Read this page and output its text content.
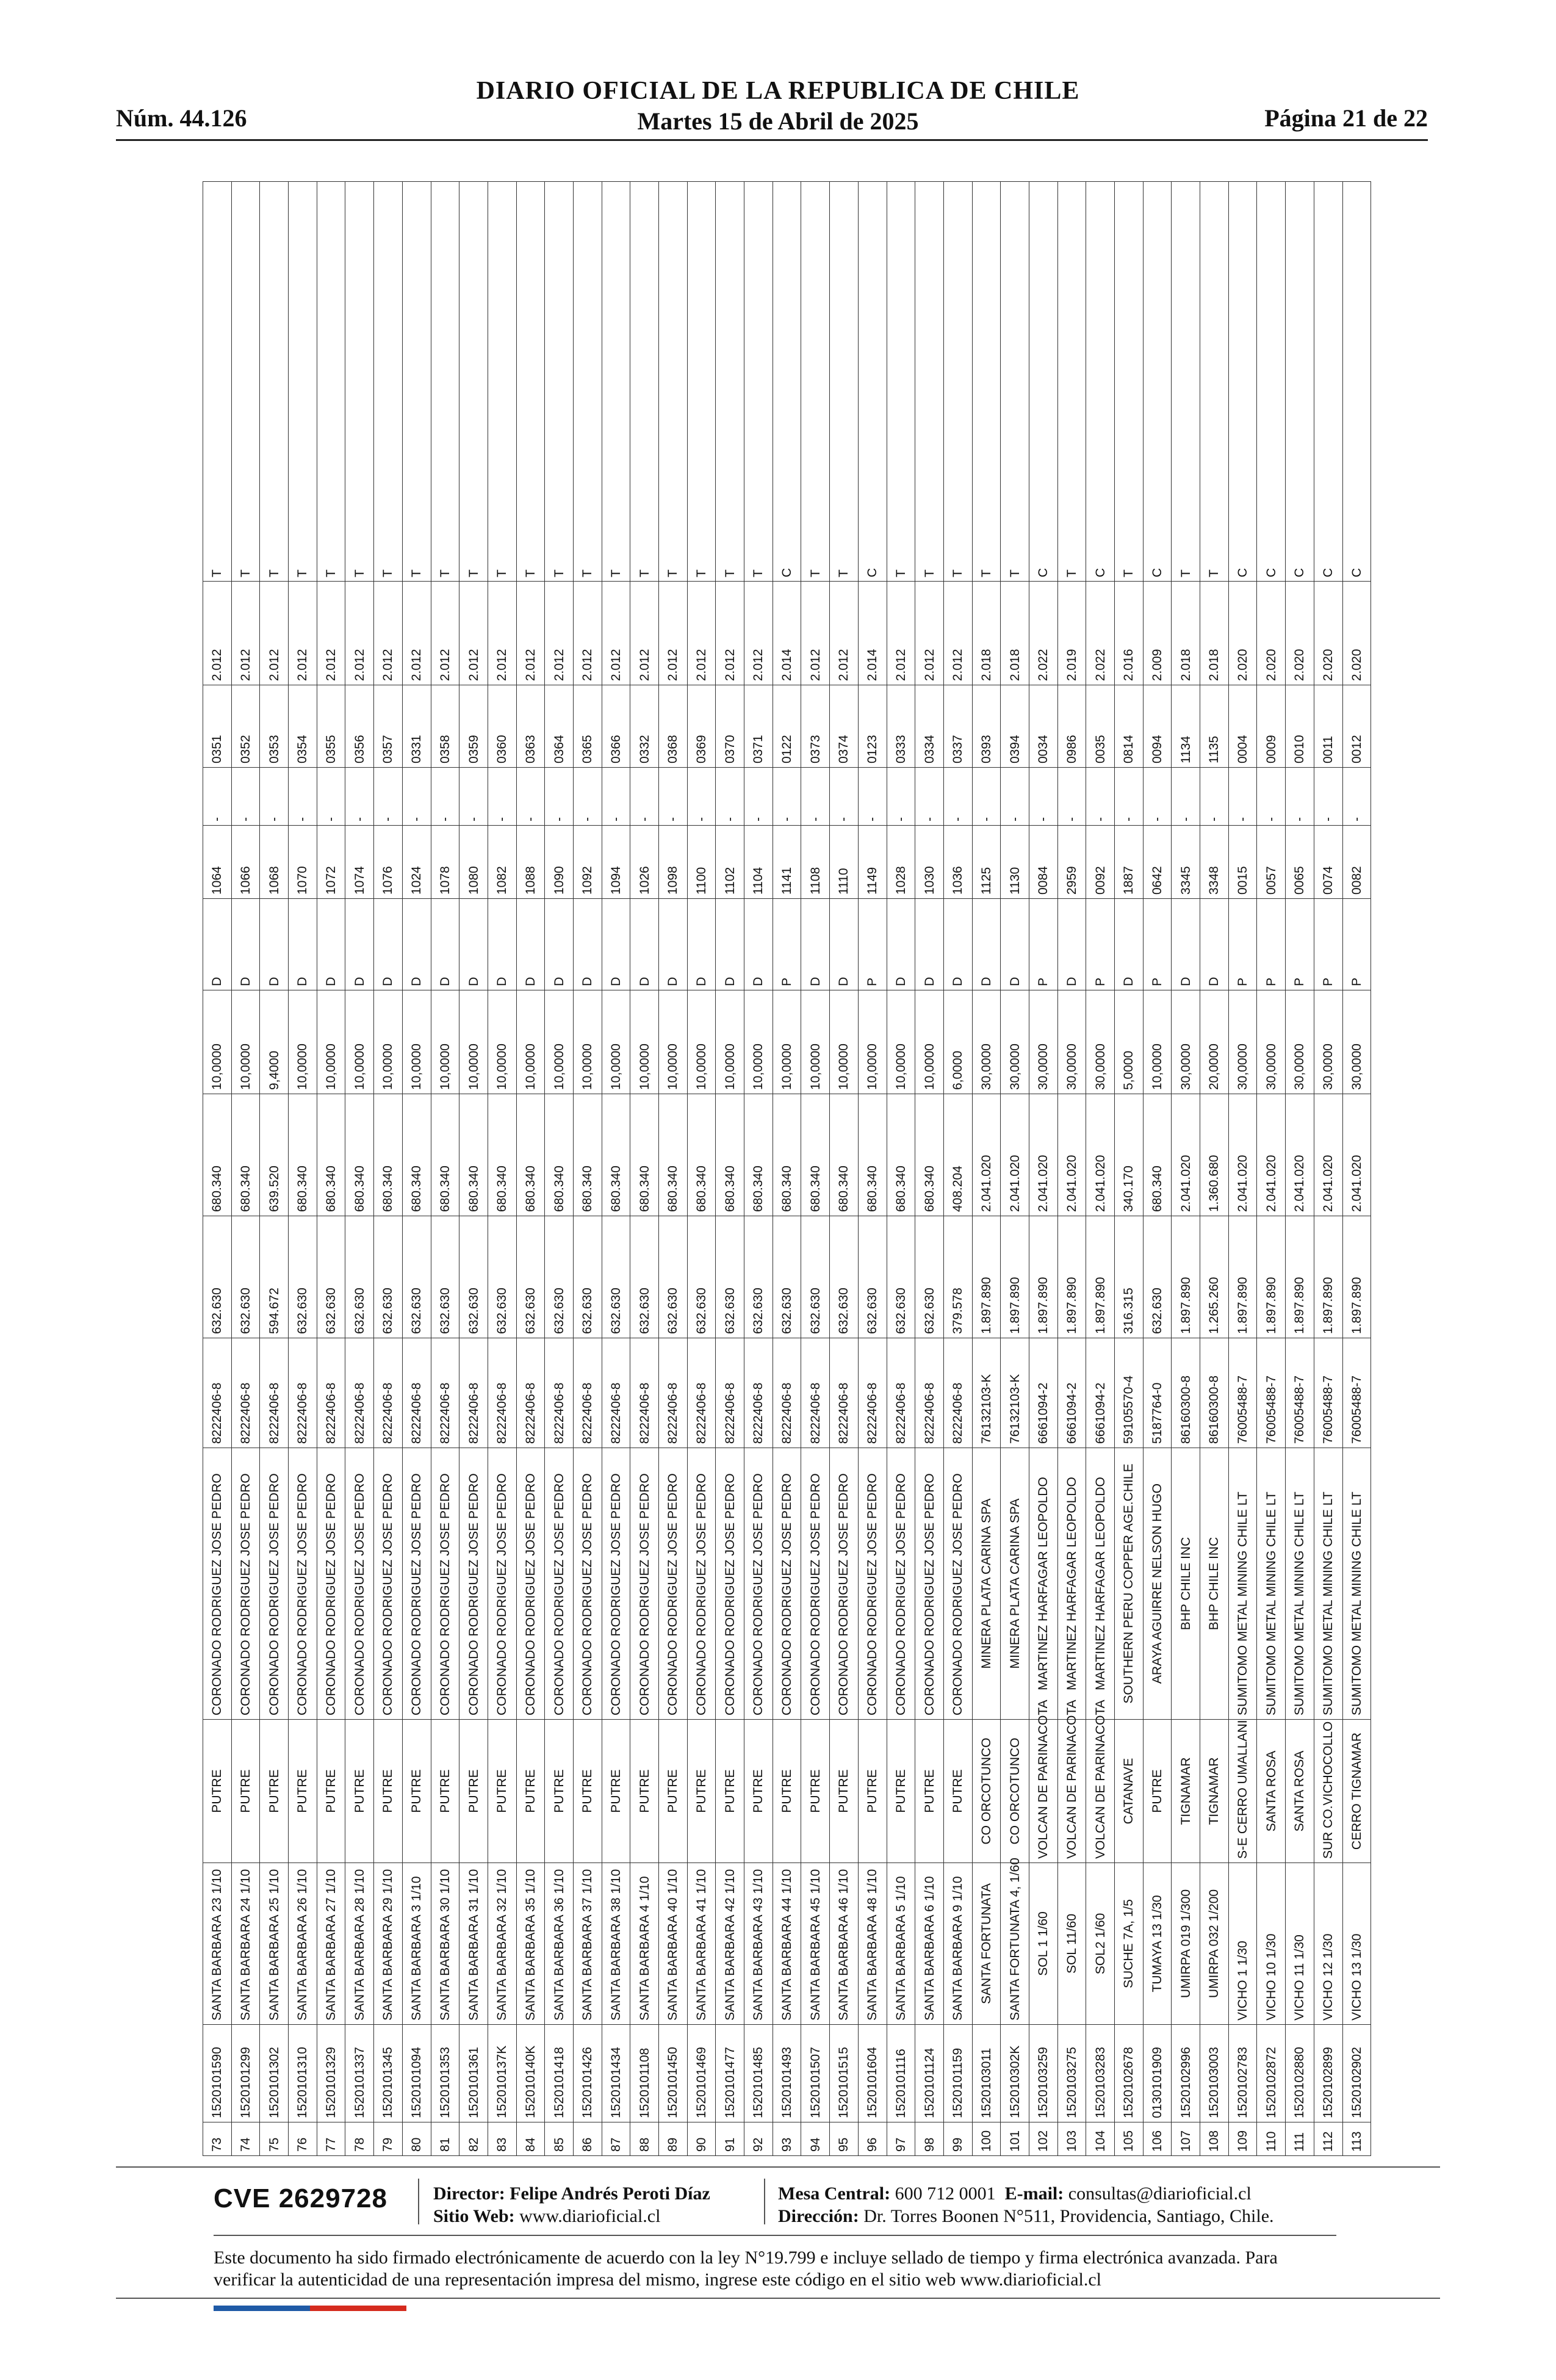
Núm. 44.126
DIARIO OFICIAL DE LA REPUBLICA DE CHILE
Martes 15 de Abril de 2025	Página 21 de 22
73	1520101590	SANTA BARBARA 23 1/10	PUTRE	CORONADO RODRIGUEZ JOSE PEDRO	8222406-8	632.630	680.340	10,0000	D	1064	-	0351	2.012	T
74	1520101299	SANTA BARBARA 24 1/10	PUTRE	CORONADO RODRIGUEZ JOSE PEDRO	8222406-8	632.630	680.340	10,0000	D	1066	-	0352	2.012	T
75	1520101302	SANTA BARBARA 25 1/10	PUTRE	CORONADO RODRIGUEZ JOSE PEDRO	8222406-8	594.672	639.520	9,4000	D	1068	-	0353	2.012	T
76	1520101310	SANTA BARBARA 26 1/10	PUTRE	CORONADO RODRIGUEZ JOSE PEDRO	8222406-8	632.630	680.340	10,0000	D	1070	-	0354	2.012	T
77	1520101329	SANTA BARBARA 27 1/10	PUTRE	CORONADO RODRIGUEZ JOSE PEDRO	8222406-8	632.630	680.340	10,0000	D	1072	-	0355	2.012	T
78	1520101337	SANTA BARBARA 28 1/10	PUTRE	CORONADO RODRIGUEZ JOSE PEDRO	8222406-8	632.630	680.340	10,0000	D	1074	-	0356	2.012	T
79	1520101345	SANTA BARBARA 29 1/10	PUTRE	CORONADO RODRIGUEZ JOSE PEDRO	8222406-8	632.630	680.340	10,0000	D	1076	-	0357	2.012	T
80	1520101094	SANTA BARBARA 3 1/10	PUTRE	CORONADO RODRIGUEZ JOSE PEDRO	8222406-8	632.630	680.340	10,0000	D	1024	-	0331	2.012	T
81	1520101353	SANTA BARBARA 30 1/10	PUTRE	CORONADO RODRIGUEZ JOSE PEDRO	8222406-8	632.630	680.340	10,0000	D	1078	-	0358	2.012	T
82	1520101361	SANTA BARBARA 31 1/10	PUTRE	CORONADO RODRIGUEZ JOSE PEDRO	8222406-8	632.630	680.340	10,0000	D	1080	-	0359	2.012	T
83	152010137K	SANTA BARBARA 32 1/10	PUTRE	CORONADO RODRIGUEZ JOSE PEDRO	8222406-8	632.630	680.340	10,0000	D	1082	-	0360	2.012	T
84	152010140K	SANTA BARBARA 35 1/10	PUTRE	CORONADO RODRIGUEZ JOSE PEDRO	8222406-8	632.630	680.340	10,0000	D	1088	-	0363	2.012	T
85	1520101418	SANTA BARBARA 36 1/10	PUTRE	CORONADO RODRIGUEZ JOSE PEDRO	8222406-8	632.630	680.340	10,0000	D	1090	-	0364	2.012	T
86	1520101426	SANTA BARBARA 37 1/10	PUTRE	CORONADO RODRIGUEZ JOSE PEDRO	8222406-8	632.630	680.340	10,0000	D	1092	-	0365	2.012	T
87	1520101434	SANTA BARBARA 38 1/10	PUTRE	CORONADO RODRIGUEZ JOSE PEDRO	8222406-8	632.630	680.340	10,0000	D	1094	-	0366	2.012	T
88	1520101108	SANTA BARBARA 4 1/10	PUTRE	CORONADO RODRIGUEZ JOSE PEDRO	8222406-8	632.630	680.340	10,0000	D	1026	-	0332	2.012	T
89	1520101450	SANTA BARBARA 40 1/10	PUTRE	CORONADO RODRIGUEZ JOSE PEDRO	8222406-8	632.630	680.340	10,0000	D	1098	-	0368	2.012	T
90	1520101469	SANTA BARBARA 41 1/10	PUTRE	CORONADO RODRIGUEZ JOSE PEDRO	8222406-8	632.630	680.340	10,0000	D	1100	-	0369	2.012	T
91	1520101477	SANTA BARBARA 42 1/10	PUTRE	CORONADO RODRIGUEZ JOSE PEDRO	8222406-8	632.630	680.340	10,0000	D	1102	-	0370	2.012	T
92	1520101485	SANTA BARBARA 43 1/10	PUTRE	CORONADO RODRIGUEZ JOSE PEDRO	8222406-8	632.630	680.340	10,0000	D	1104	-	0371	2.012	T
93	1520101493	SANTA BARBARA 44 1/10	PUTRE	CORONADO RODRIGUEZ JOSE PEDRO	8222406-8	632.630	680.340	10,0000	P	1141	-	0122	2.014	C
94	1520101507	SANTA BARBARA 45 1/10	PUTRE	CORONADO RODRIGUEZ JOSE PEDRO	8222406-8	632.630	680.340	10,0000	D	1108	-	0373	2.012	T
95	1520101515	SANTA BARBARA 46 1/10	PUTRE	CORONADO RODRIGUEZ JOSE PEDRO	8222406-8	632.630	680.340	10,0000	D	1110	-	0374	2.012	T
96	1520101604	SANTA BARBARA 48 1/10	PUTRE	CORONADO RODRIGUEZ JOSE PEDRO	8222406-8	632.630	680.340	10,0000	P	1149	-	0123	2.014	C
97	1520101116	SANTA BARBARA 5 1/10	PUTRE	CORONADO RODRIGUEZ JOSE PEDRO	8222406-8	632.630	680.340	10,0000	D	1028	-	0333	2.012	T
98	1520101124	SANTA BARBARA 6 1/10	PUTRE	CORONADO RODRIGUEZ JOSE PEDRO	8222406-8	632.630	680.340	10,0000	D	1030	-	0334	2.012	T
99	1520101159	SANTA BARBARA 9 1/10	PUTRE	CORONADO RODRIGUEZ JOSE PEDRO	8222406-8	379.578	408.204	6,0000	D	1036	-	0337	2.012	T
100	1520103011	SANTA FORTUNATA	CO ORCOTUNCO	MINERA PLATA CARINA SPA	76132103-K	1.897.890	2.041.020	30,0000	D	1125	-	0393	2.018	T
101	152010302K	SANTA FORTUNATA 4, 1/60	CO ORCOTUNCO	MINERA PLATA CARINA SPA	76132103-K	1.897.890	2.041.020	30,0000	D	1130	-	0394	2.018	T
102	1520103259	SOL 1 1/60	VOLCAN DE PARINACOTA	MARTINEZ HARFAGAR LEOPOLDO	6661094-2	1.897.890	2.041.020	30,0000	P	0084	-	0034	2.022	C
103	1520103275	SOL 11/60	VOLCAN DE PARINACOTA	MARTINEZ HARFAGAR LEOPOLDO	6661094-2	1.897.890	2.041.020	30,0000	D	2959	-	0986	2.019	T
104	1520103283	SOL2 1/60	VOLCAN DE PARINACOTA	MARTINEZ HARFAGAR LEOPOLDO	6661094-2	1.897.890	2.041.020	30,0000	P	0092	-	0035	2.022	C
105	1520102678	SUCHE 7A, 1/5	CATANAVE	SOUTHERN PERU COPPER AGE.CHILE	59105570-4	316.315	340.170	5,0000	D	1887	-	0814	2.016	T
106	0130101909	TUMAYA 13 1/30	PUTRE	ARAYA AGUIRRE NELSON HUGO	5187764-0	632.630	680.340	10,0000	P	0642	-	0094	2.009	C
107	1520102996	UMIRPA 019 1/300	TIGNAMAR	BHP CHILE INC	86160300-8	1.897.890	2.041.020	30,0000	D	3345	-	1134	2.018	T
108	1520103003	UMIRPA 032 1/200	TIGNAMAR	BHP CHILE INC	86160300-8	1.265.260	1.360.680	20,0000	D	3348	-	1135	2.018	T
109	1520102783	VICHO 1 1/30	S-E CERRO UMALLANI	SUMITOMO METAL MINING CHILE LT	76005488-7	1.897.890	2.041.020	30,0000	P	0015	-	0004	2.020	C
110	1520102872	VICHO 10 1/30	SANTA ROSA	SUMITOMO METAL MINING CHILE LT	76005488-7	1.897.890	2.041.020	30,0000	P	0057	-	0009	2.020	C
111	1520102880	VICHO 11 1/30	SANTA ROSA	SUMITOMO METAL MINING CHILE LT	76005488-7	1.897.890	2.041.020	30,0000	P	0065	-	0010	2.020	C
112	1520102899	VICHO 12 1/30	SUR CO.VICHOCOLLO	SUMITOMO METAL MINING CHILE LT	76005488-7	1.897.890	2.041.020	30,0000	P	0074	-	0011	2.020	C
113	1520102902	VICHO 13 1/30	CERRO TIGNAMAR	SUMITOMO METAL MINING CHILE LT	76005488-7	1.897.890	2.041.020	30,0000	P	0082	-	0012	2.020	C
CVE 2629728	Director: Felipe Andrés Peroti Díaz
Sitio Web: www.diarioficial.cl
Mesa Central: 600 712 0001 E-mail: consultas@diarioficial.cl
Dirección: Dr. Torres Boonen N°511, Providencia, Santiago, Chile.
Este documento ha sido firmado electrónicamente de acuerdo con la ley N°19.799 e incluye sellado de tiempo y firma electrónica avanzada. Para verificar la autenticidad de una representación impresa del mismo, ingrese este código en el sitio web www.diarioficial.cl
